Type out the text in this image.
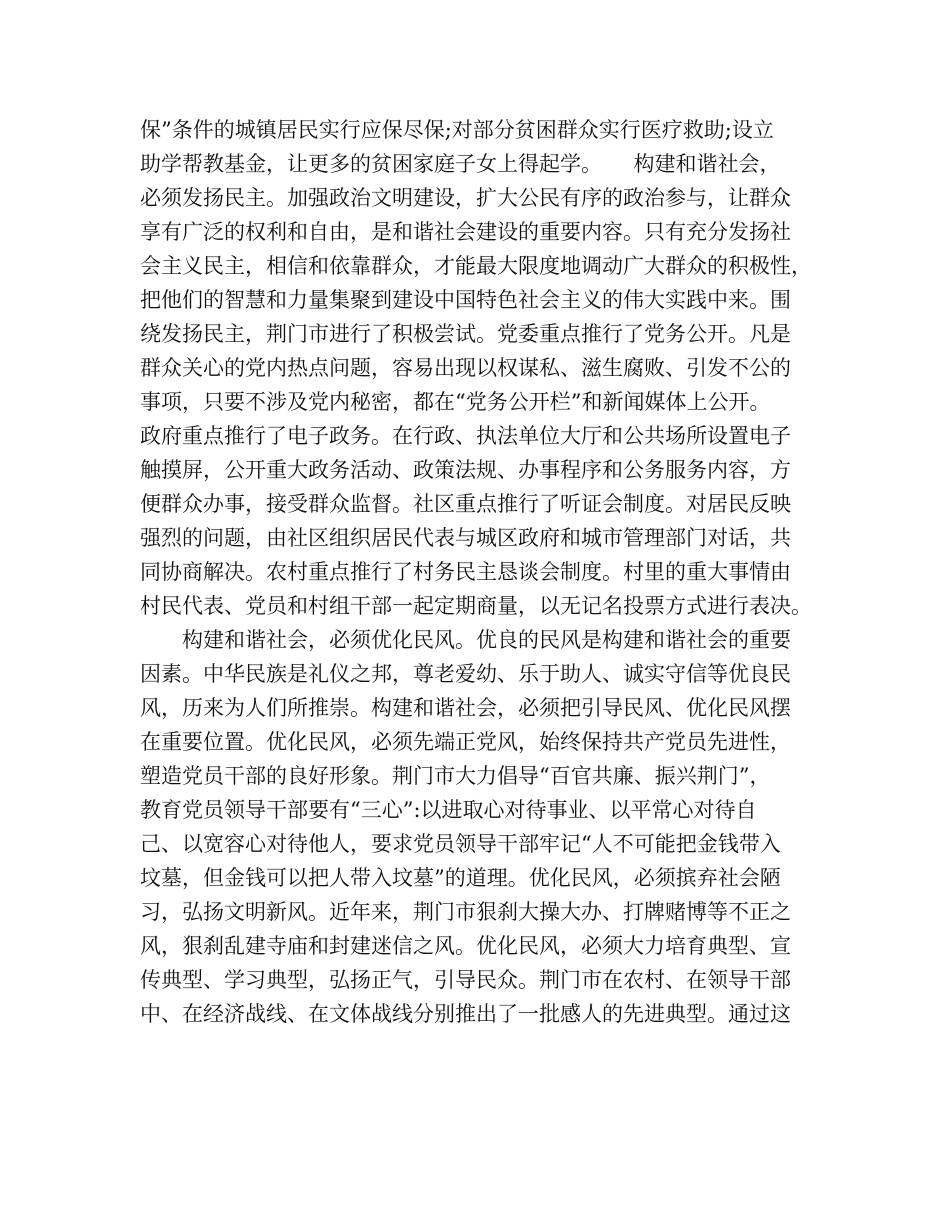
保”条件的城镇居民实行应保尽保;对部分贫困群众实行医疗救助;设立
助学帮教基金，让更多的贫困家庭子女上得起学。　　构建和谐社会，
必须发扬民主。加强政治文明建设，扩大公民有序的政治参与，让群众
享有广泛的权利和自由，是和谐社会建设的重要内容。只有充分发扬社
会主义民主，相信和依靠群众，才能最大限度地调动广大群众的积极性，
把他们的智慧和力量集聚到建设中国特色社会主义的伟大实践中来。围
绕发扬民主，荆门市进行了积极尝试。党委重点推行了党务公开。凡是
群众关心的党内热点问题，容易出现以权谋私、滋生腐败、引发不公的
事项，只要不涉及党内秘密，都在“党务公开栏”和新闻媒体上公开。
政府重点推行了电子政务。在行政、执法单位大厅和公共场所设置电子
触摸屏，公开重大政务活动、政策法规、办事程序和公务服务内容，方
便群众办事，接受群众监督。社区重点推行了听证会制度。对居民反映
强烈的问题，由社区组织居民代表与城区政府和城市管理部门对话，共
同协商解决。农村重点推行了村务民主恳谈会制度。村里的重大事情由
村民代表、党员和村组干部一起定期商量，以无记名投票方式进行表决。
　　构建和谐社会，必须优化民风。优良的民风是构建和谐社会的重要
因素。中华民族是礼仪之邦，尊老爱幼、乐于助人、诚实守信等优良民
风，历来为人们所推崇。构建和谐社会，必须把引导民风、优化民风摆
在重要位置。优化民风，必须先端正党风，始终保持共产党员先进性，
塑造党员干部的良好形象。荆门市大力倡导“百官共廉、振兴荆门”，
教育党员领导干部要有“三心”:以进取心对待事业、以平常心对待自
己、以宽容心对待他人，要求党员领导干部牢记“人不可能把金钱带入
坟墓，但金钱可以把人带入坟墓”的道理。优化民风，必须摈弃社会陋
习，弘扬文明新风。近年来，荆门市狠刹大操大办、打牌赌博等不正之
风，狠刹乱建寺庙和封建迷信之风。优化民风，必须大力培育典型、宣
传典型、学习典型，弘扬正气，引导民众。荆门市在农村、在领导干部
中、在经济战线、在文体战线分别推出了一批感人的先进典型。通过这
